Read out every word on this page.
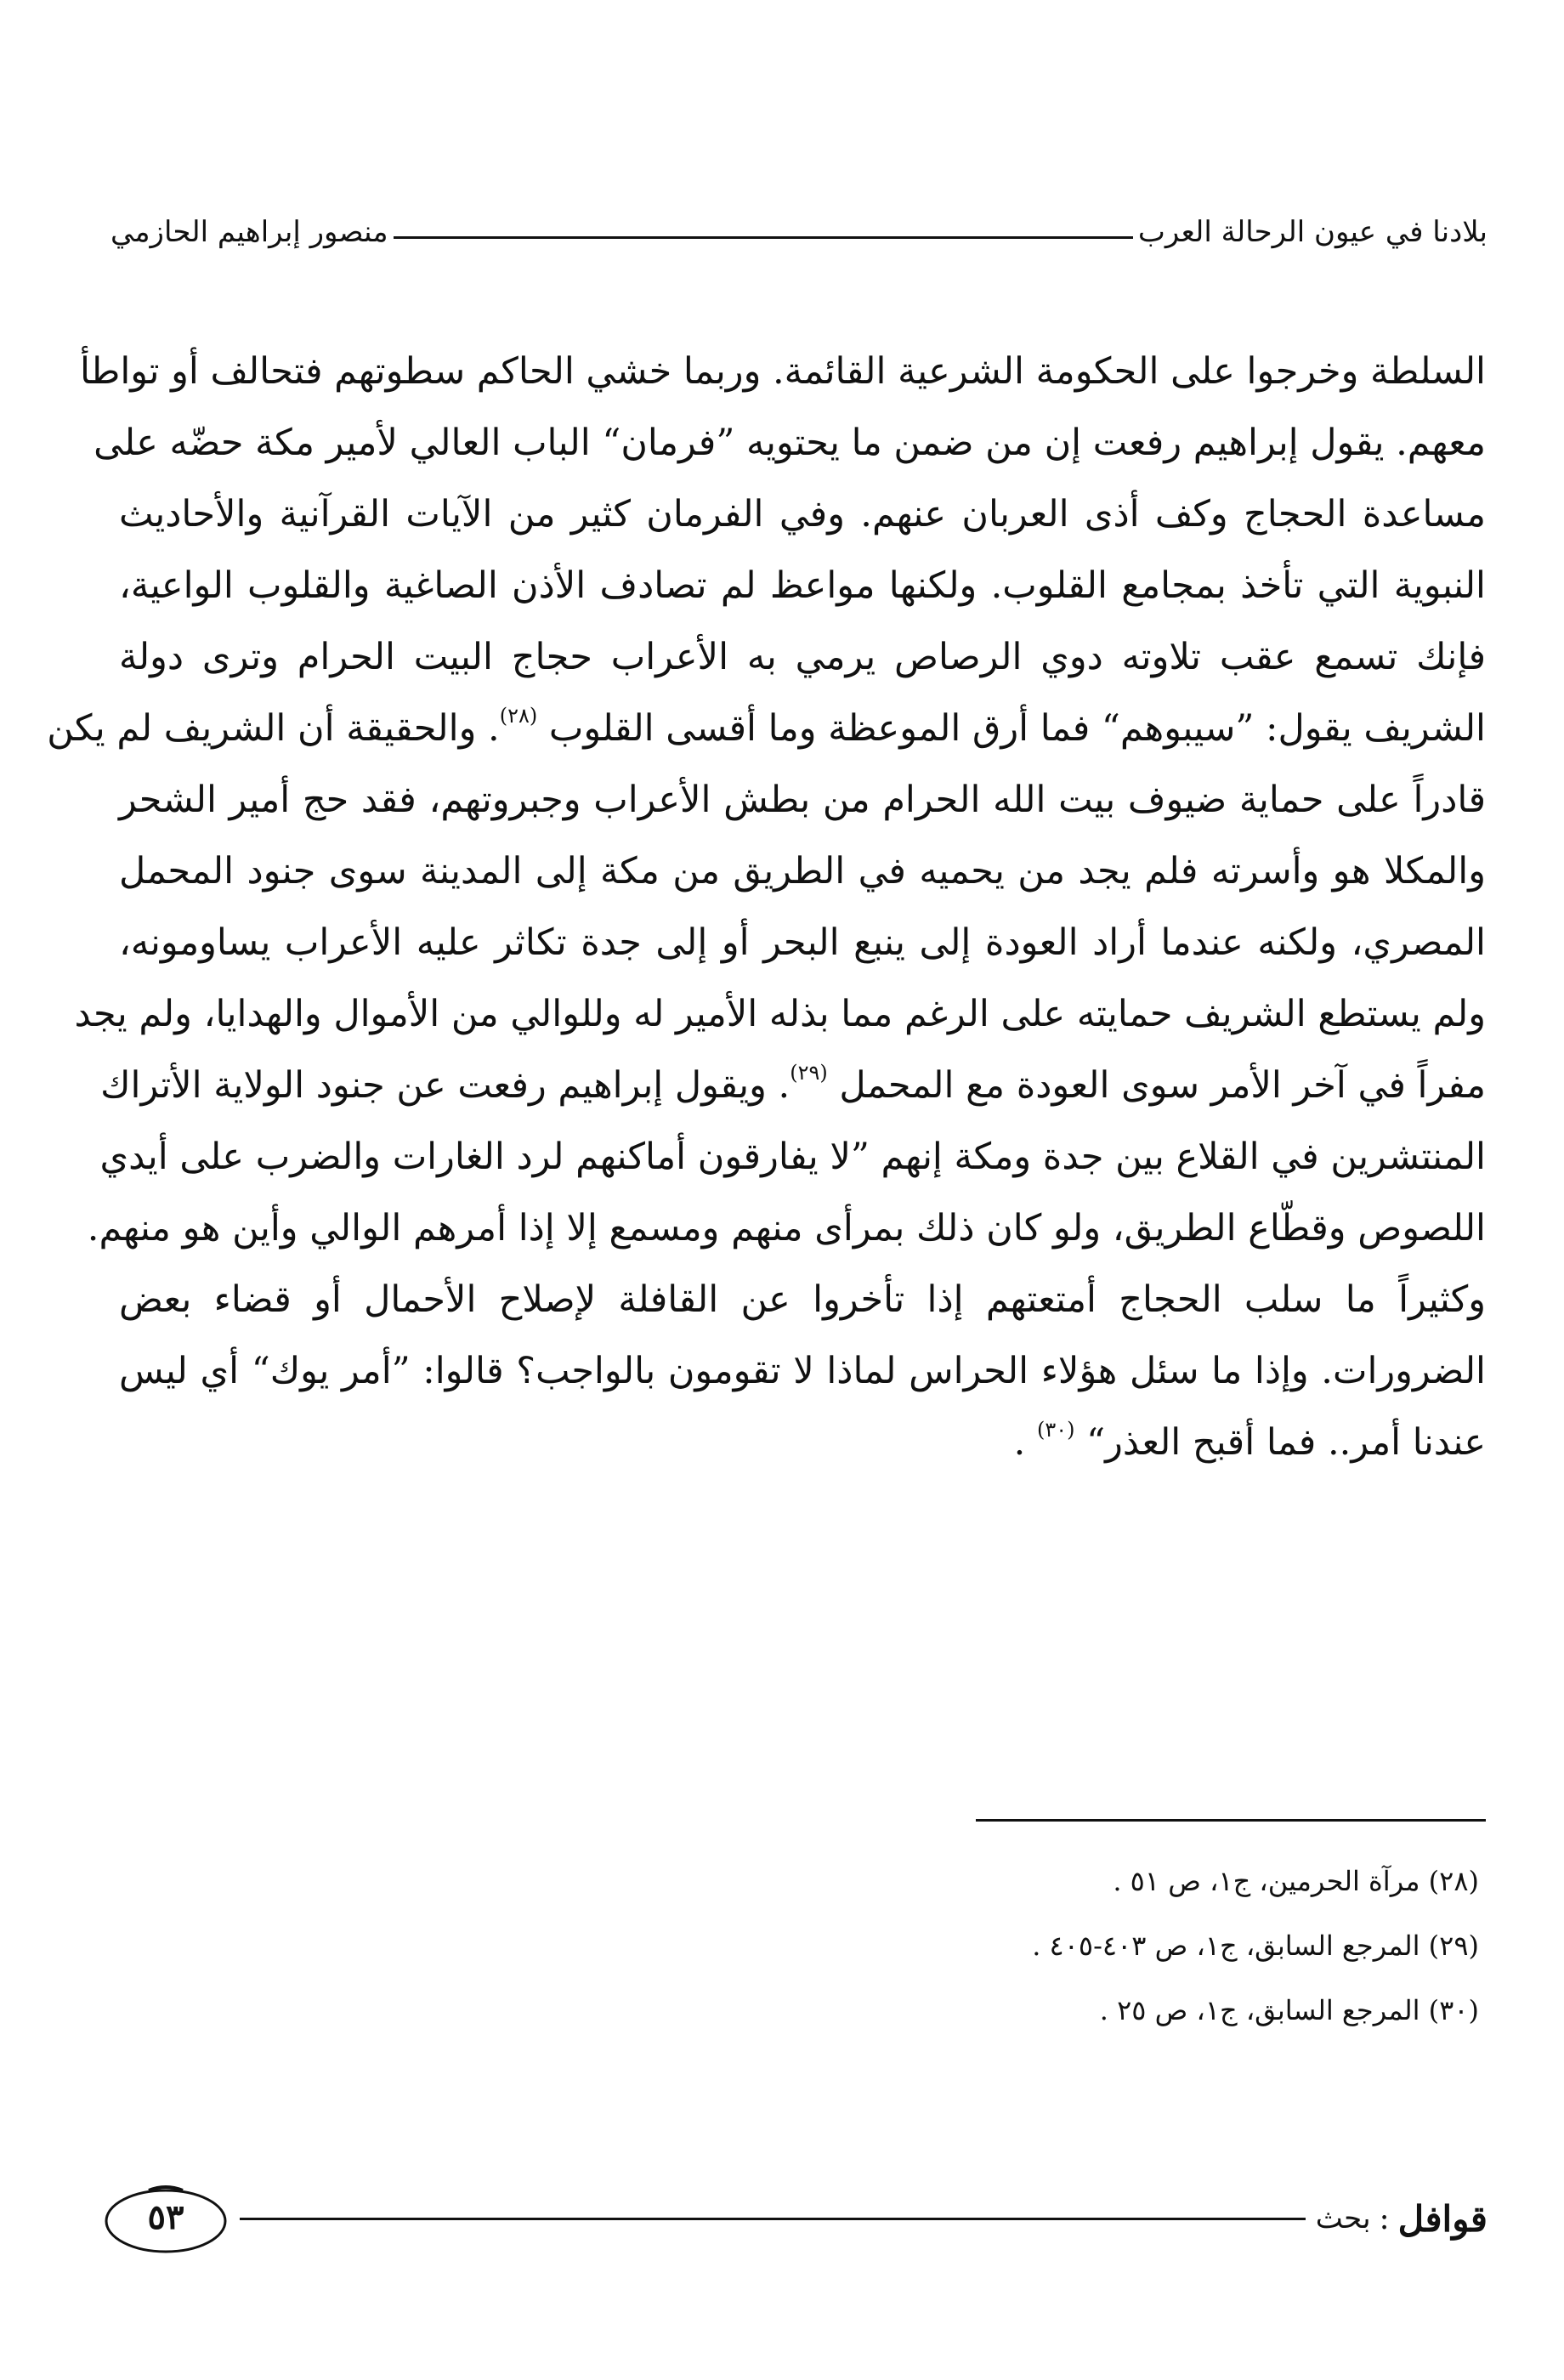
بلادنا في عيون الرحالة العرب
منصور إبراهيم الحازمي
السلطة وخرجوا على الحكومة الشرعية القائمة. وربما خشي الحاكم سطوتهم فتحالف أو تواطأ
معهم. يقول إبراهيم رفعت إن من ضمن ما يحتويه ”فرمان“ الباب العالي لأمير مكة حضّه على
مساعدة الحجاج وكف أذى العربان عنهم. وفي الفرمان كثير من الآيات القرآنية والأحاديث
النبوية التي تأخذ بمجامع القلوب. ولكنها مواعظ لم تصادف الأذن الصاغية والقلوب الواعية،
فإنك تسمع عقب تلاوته دوي الرصاص يرمي به الأعراب حجاج البيت الحرام وترى دولة
الشريف يقول: ”سيبوهم“ فما أرق الموعظة وما أقسى القلوب $^{(٢٨)}$. والحقيقة أن الشريف لم يكن
قادراً على حماية ضيوف بيت الله الحرام من بطش الأعراب وجبروتهم، فقد حج أمير الشحر
والمكلا هو وأسرته فلم يجد من يحميه في الطريق من مكة إلى المدينة سوى جنود المحمل
المصري، ولكنه عندما أراد العودة إلى ينبع البحر أو إلى جدة تكاثر عليه الأعراب يساومونه،
ولم يستطع الشريف حمايته على الرغم مما بذله الأمير له وللوالي من الأموال والهدايا، ولم يجد
مفراً في آخر الأمر سوى العودة مع المحمل $^{(٢٩)}$. ويقول إبراهيم رفعت عن جنود الولاية الأتراك
المنتشرين في القلاع بين جدة ومكة إنهم ”لا يفارقون أماكنهم لرد الغارات والضرب على أيدي
اللصوص وقطّاع الطريق، ولو كان ذلك بمرأى منهم ومسمع إلا إذا أمرهم الوالي وأين هو منهم.
وكثيراً ما سلب الحجاج أمتعتهم إذا تأخروا عن القافلة لإصلاح الأحمال أو قضاء بعض
الضرورات. وإذا ما سئل هؤلاء الحراس لماذا لا تقومون بالواجب؟ قالوا: ”أمر يوك“ أي ليس
عندنا أمر.. فما أقبح العذر“ $^{(٣٠)}$ .
(٢٨) مرآة الحرمين، ج١، ص ٥١ .
(٢٩) المرجع السابق، ج١، ص ٤٠٣-٤٠٥ .
(٣٠) المرجع السابق، ج١، ص ٢٥ .
قوافل
:
بحث
٥٣
